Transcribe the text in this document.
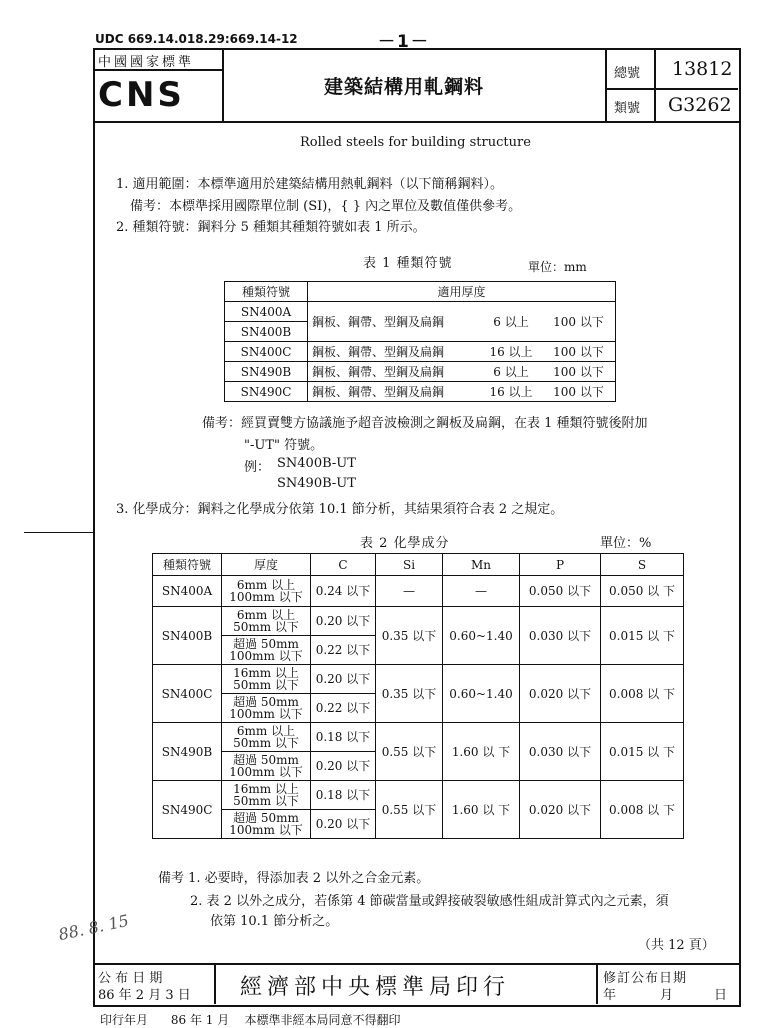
UDC 669.14.018.29:669.14-12	－1－
中國國家標準
CNS	建築結構用軋鋼料
總號 13812
類號 G3262
Rolled steels for building structure
1. 適用範圍：本標準適用於建築結構用熱軋鋼料（以下簡稱鋼料）。
備考：本標準採用國際單位制 (SI)，{ } 內之單位及數值僅供參考。
2. 種類符號：鋼料分 5 種類其種類符號如表 1 所示。
表 1 種類符號	單位：mm
種類符號	適用厚度		
SN400A	鋼板、鋼帶、型鋼及扁鋼	6 以上	100 以下
SN400B			
SN400C	鋼板、鋼帶、型鋼及扁鋼	16 以上	100 以下
SN490B	鋼板、鋼帶、型鋼及扁鋼	6 以上	100 以下
SN490C	鋼板、鋼帶、型鋼及扁鋼	16 以上	100 以下
備考：經買賣雙方協議施予超音波檢測之鋼板及扁鋼，在表 1 種類符號後附加
"-UT" 符號。
例： SN400B-UT
SN490B-UT
3. 化學成分：鋼料之化學成分依第 10.1 節分析，其結果須符合表 2 之規定。
表 2 化學成分	單位：%
種類符號	厚度	C	Si	Mn	P	S
SN400A	6mm 以上
100mm 以下	0.24 以下	—	—	0.050 以下	0.050 以 下
SN400B	6mm 以上
50mm 以下	0.20 以下	0.35 以下	0.60~1.40	0.030 以下	0.015 以 下
	超過 50mm
100mm 以下	0.22 以下				
SN400C	16mm 以上
50mm 以下	0.20 以下	0.35 以下	0.60~1.40	0.020 以下	0.008 以 下
	超過 50mm
100mm 以下	0.22 以下				
SN490B	6mm 以上
50mm 以下	0.18 以下	0.55 以下	1.60 以 下	0.030 以下	0.015 以 下
	超過 50mm
100mm 以下	0.20 以下				
SN490C	16mm 以上
50mm 以下	0.18 以下	0.55 以下	1.60 以 下	0.020 以下	0.008 以 下
	超過 50mm
100mm 以下	0.20 以下				
備考 1. 必要時，得添加表 2 以外之合金元素。
2. 表 2 以外之成分，若係第 4 節碳當量或銲接破裂敏感性組成計算式內之元素，須
依第 10.1 節分析之。
（共 12 頁）
88. 8. 15
公 布 日 期
86 年 2 月 3 日 經濟部中央標準局印行	修訂公布日期
年	月	日
印行年月      86 年 1 月    本標準非經本局同意不得翻印
